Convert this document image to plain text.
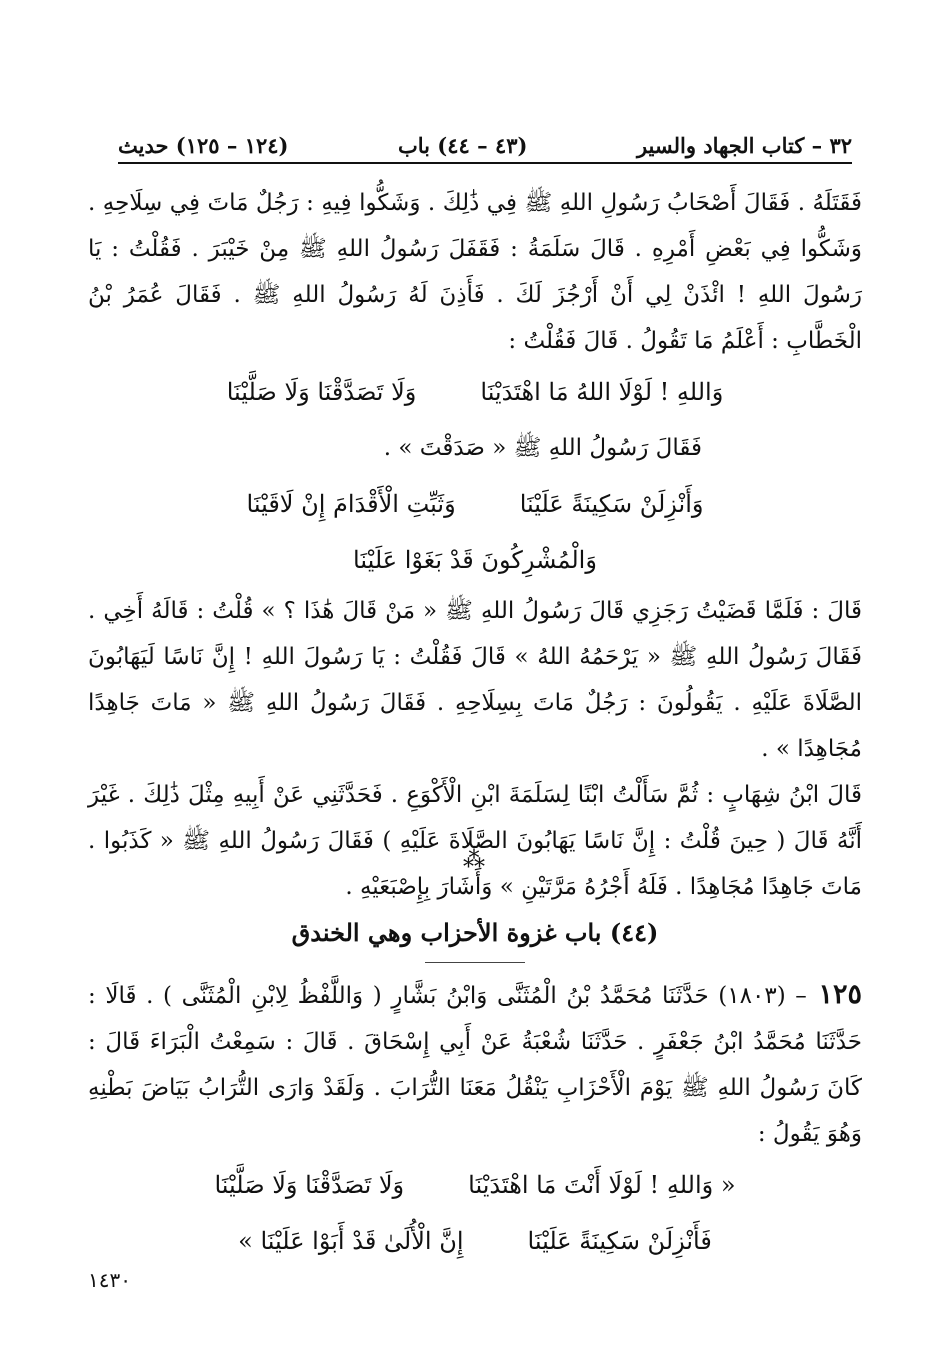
٣٢ – كتاب الجهاد والسير
(٤٣ – ٤٤) باب
(١٢٤ – ١٢٥) حديث

فَقَتَلَهُ . فَقَالَ أَصْحَابُ رَسُولِ اللهِ ﷺ فِي ذَٰلِكَ . وَشَكُّوا فِيهِ : رَجُلٌ مَاتَ فِي سِلَاحِهِ . وَشَكُّوا فِي بَعْضِ أَمْرِهِ . قَالَ سَلَمَةُ : فَقَفَلَ رَسُولُ اللهِ ﷺ مِنْ خَيْبَرَ . فَقُلْتُ : يَا رَسُولَ اللهِ ! ائْذَنْ لِي أَنْ أَرْجُزَ لَكَ . فَأَذِنَ لَهُ رَسُولُ اللهِ ﷺ . فَقَالَ عُمَرُ بْنُ الْخَطَّابِ : أَعْلَمُ مَا تَقُولُ . قَالَ فَقُلْتُ :

وَاللهِ ! لَوْلَا اللهُ مَا اهْتَدَيْنَا
وَلَا تَصَدَّقْنَا وَلَا صَلَّيْنَا

فَقَالَ رَسُولُ اللهِ ﷺ « صَدَقْتَ » .

وَأَنْزِلَنْ سَكِينَةً عَلَيْنَا
وَثَبِّتِ الْأَقْدَامَ إِنْ لَاقَيْنَا

وَالْمُشْرِكُونَ قَدْ بَغَوْا عَلَيْنَا

قَالَ : فَلَمَّا قَضَيْتُ رَجَزِي قَالَ رَسُولُ اللهِ ﷺ « مَنْ قَالَ هَٰذَا ؟ » قُلْتُ : قَالَهُ أَخِي . فَقَالَ رَسُولُ اللهِ ﷺ « يَرْحَمُهُ اللهُ » قَالَ فَقُلْتُ : يَا رَسُولَ اللهِ ! إِنَّ نَاسًا لَيَهَابُونَ الصَّلَاةَ عَلَيْهِ . يَقُولُونَ : رَجُلٌ مَاتَ بِسِلَاحِهِ . فَقَالَ رَسُولُ اللهِ ﷺ « مَاتَ جَاهِدًا مُجَاهِدًا » .

قَالَ ابْنُ شِهَابٍ : ثُمَّ سَأَلْتُ ابْنًا لِسَلَمَةَ ابْنِ الْأَكْوَعِ . فَحَدَّثَنِي عَنْ أَبِيهِ مِثْلَ ذَٰلِكَ . غَيْرَ أَنَّهُ قَالَ ( حِينَ قُلْتُ : إِنَّ نَاسًا يَهَابُونَ الصَّلَاةَ عَلَيْهِ ) فَقَالَ رَسُولُ اللهِ ﷺ « كَذَبُوا . مَاتَ جَاهِدًا مُجَاهِدًا . فَلَهُ أَجْرُهُ مَرَّتَيْنِ » وَأَشَارَ بِإِصْبَعَيْهِ .

⁂
(٤٤) باب غزوة الأحزاب وهي الخندق

١٢٥ – (١٨٠٣) حَدَّثَنَا مُحَمَّدُ بْنُ الْمُثَنَّى وَابْنُ بَشَّارٍ ( وَاللَّفْظُ لِابْنِ الْمُثَنَّى ) . قَالَا : حَدَّثَنَا مُحَمَّدُ ابْنُ جَعْفَرٍ . حَدَّثَنَا شُعْبَةُ عَنْ أَبِي إِسْحَاقَ . قَالَ : سَمِعْتُ الْبَرَاءَ قَالَ : كَانَ رَسُولُ اللهِ ﷺ يَوْمَ الْأَحْزَابِ يَنْقُلُ مَعَنَا التُّرَابَ . وَلَقَدْ وَارَى التُّرَابُ بَيَاضَ بَطْنِهِ وَهُوَ يَقُولُ :

« وَاللهِ ! لَوْلَا أَنْتَ مَا اهْتَدَيْنَا
وَلَا تَصَدَّقْنَا وَلَا صَلَّيْنَا
فَأَنْزِلَنْ سَكِينَةً عَلَيْنَا
إِنَّ الْأُلَىٰ قَدْ أَبَوْا عَلَيْنَا »
١٤٣٠
